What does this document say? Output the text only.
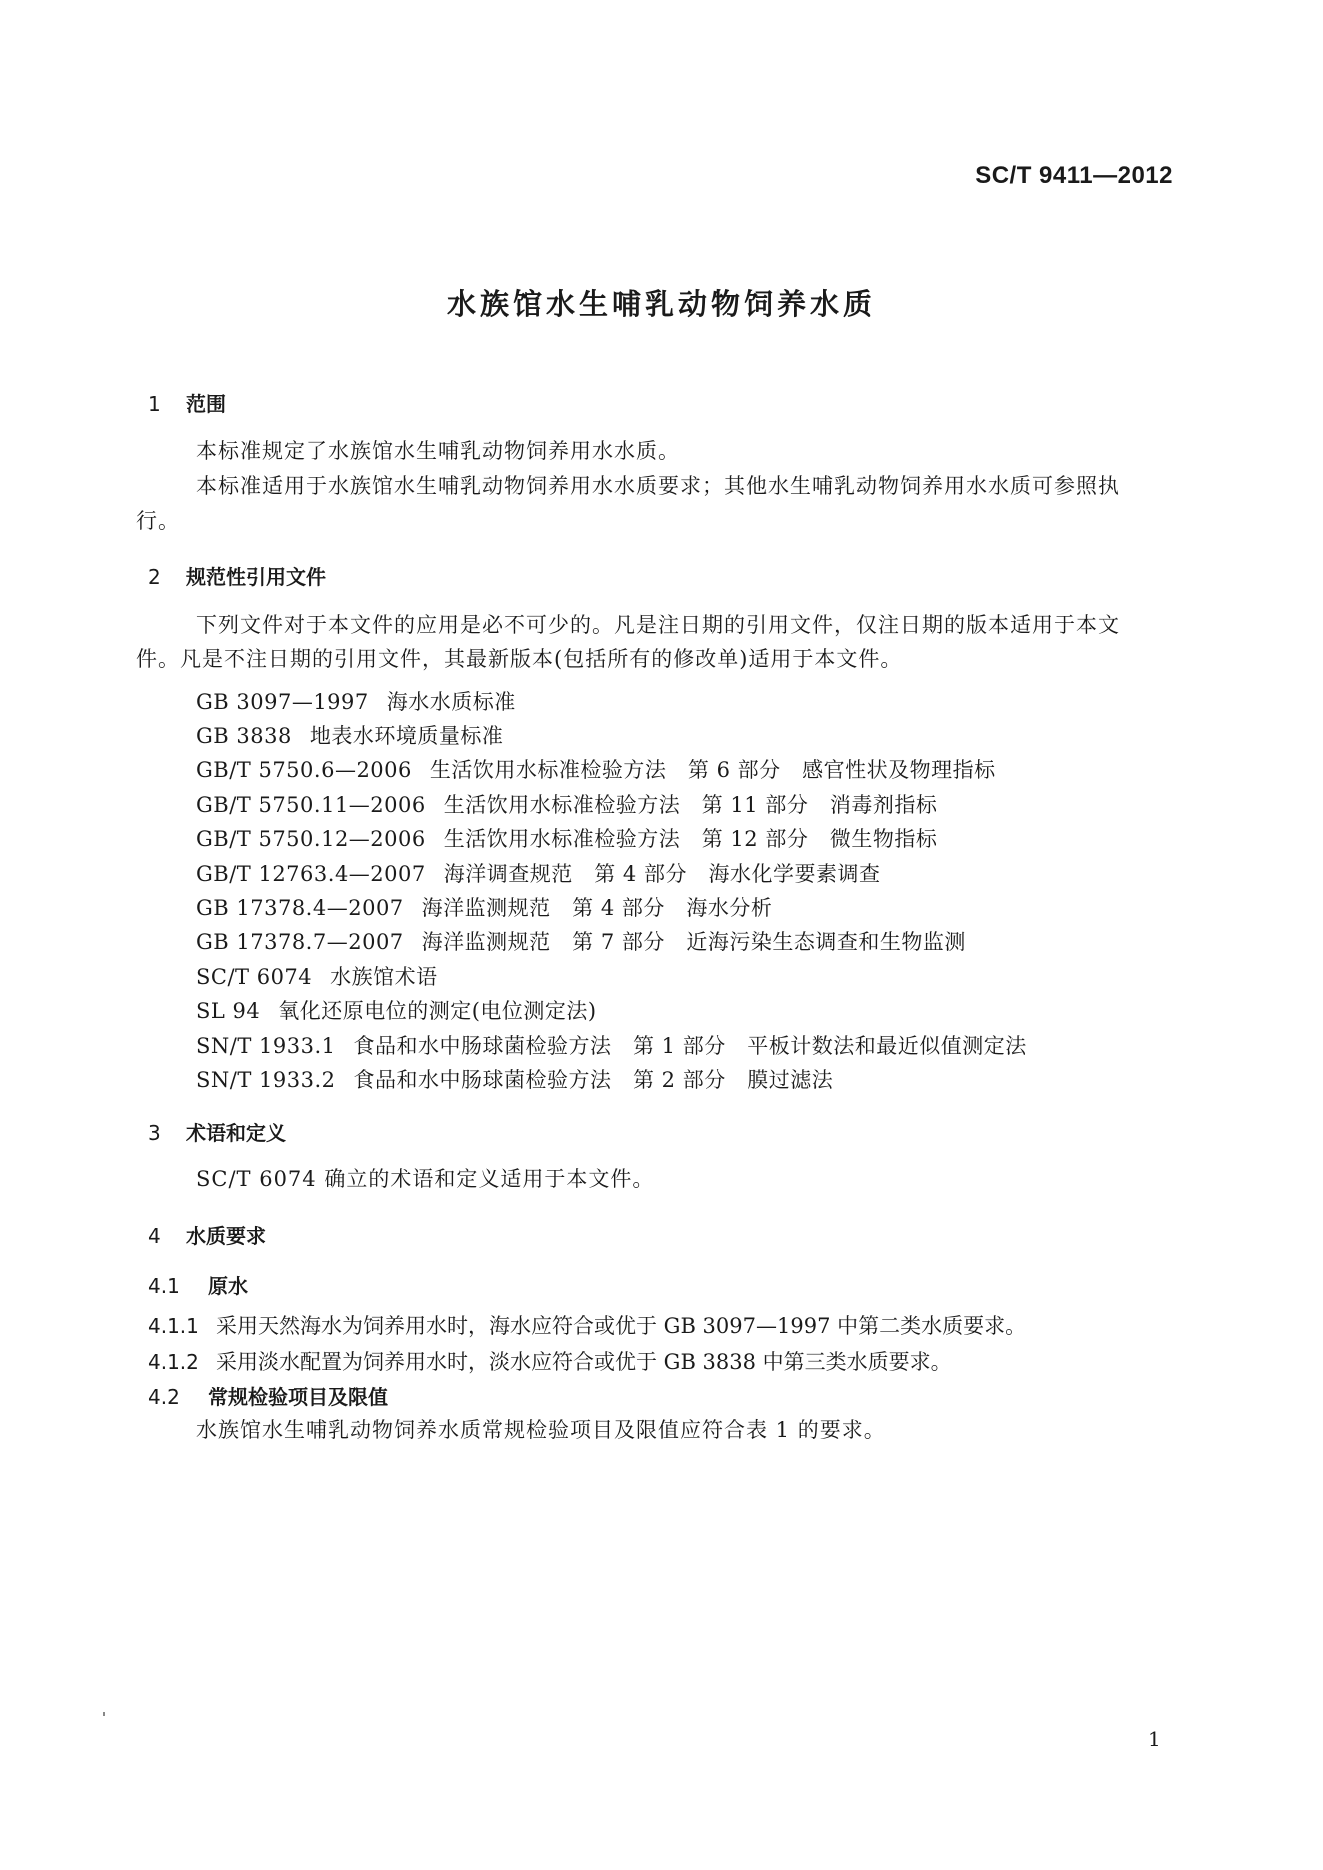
SC/T 9411—2012
水族馆水生哺乳动物饲养水质
1 范围
本标准规定了水族馆水生哺乳动物饲养用水水质。
本标准适用于水族馆水生哺乳动物饲养用水水质要求；其他水生哺乳动物饲养用水水质可参照执
行。
2 规范性引用文件
下列文件对于本文件的应用是必不可少的。凡是注日期的引用文件，仅注日期的版本适用于本文
件。凡是不注日期的引用文件，其最新版本(包括所有的修改单)适用于本文件。
GB 3097—1997 海水水质标准
GB 3838 地表水环境质量标准
GB/T 5750.6—2006 生活饮用水标准检验方法　第 6 部分　感官性状及物理指标
GB/T 5750.11—2006 生活饮用水标准检验方法　第 11 部分　消毒剂指标
GB/T 5750.12—2006 生活饮用水标准检验方法　第 12 部分　微生物指标
GB/T 12763.4—2007 海洋调查规范　第 4 部分　海水化学要素调查
GB 17378.4—2007 海洋监测规范　第 4 部分　海水分析
GB 17378.7—2007 海洋监测规范　第 7 部分　近海污染生态调查和生物监测
SC/T 6074 水族馆术语
SL 94 氧化还原电位的测定(电位测定法)
SN/T 1933.1 食品和水中肠球菌检验方法　第 1 部分　平板计数法和最近似值测定法
SN/T 1933.2 食品和水中肠球菌检验方法　第 2 部分　膜过滤法
3 术语和定义
SC/T 6074 确立的术语和定义适用于本文件。
4 水质要求
4.1 原水
4.1.1 采用天然海水为饲养用水时，海水应符合或优于 GB 3097—1997 中第二类水质要求。
4.1.2 采用淡水配置为饲养用水时，淡水应符合或优于 GB 3838 中第三类水质要求。
4.2 常规检验项目及限值
水族馆水生哺乳动物饲养水质常规检验项目及限值应符合表 1 的要求。
1
